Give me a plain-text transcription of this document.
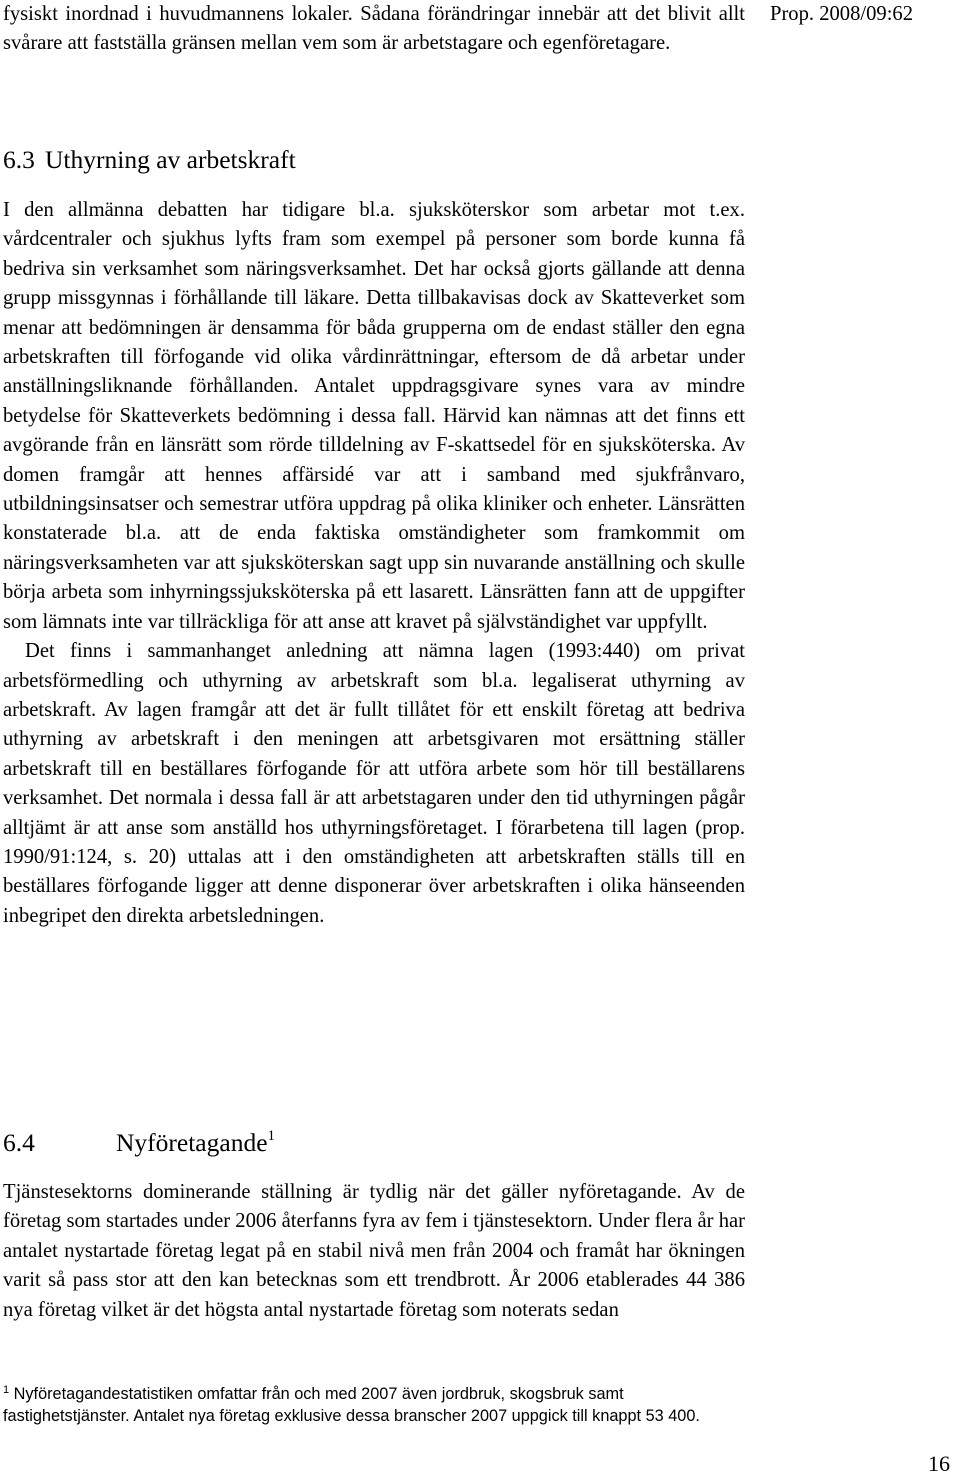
Prop. 2008/09:62

fysiskt inordnad i huvudmannens lokaler. Sådana förändringar innebär att det blivit allt svårare att fastställa gränsen mellan vem som är arbetstagare och egenföretagare.

6.3 Uthyrning av arbetskraft

I den allmänna debatten har tidigare bl.a. sjuksköterskor som arbetar mot t.ex. vårdcentraler och sjukhus lyfts fram som exempel på personer som borde kunna få bedriva sin verksamhet som näringsverksamhet. Det har också gjorts gällande att denna grupp missgynnas i förhållande till läkare. Detta tillbakavisas dock av Skatteverket som menar att bedömningen är densamma för båda grupperna om de endast ställer den egna arbetskraften till förfogande vid olika vårdinrättningar, eftersom de då arbetar under anställningsliknande förhållanden. Antalet uppdragsgivare synes vara av mindre betydelse för Skatteverkets bedömning i dessa fall. Härvid kan nämnas att det finns ett avgörande från en länsrätt som rörde tilldelning av F-skattsedel för en sjuksköterska. Av domen framgår att hennes affärsidé var att i samband med sjukfrånvaro, utbildningsinsatser och semestrar utföra uppdrag på olika kliniker och enheter. Länsrätten konstaterade bl.a. att de enda faktiska omständigheter som framkommit om näringsverksamheten var att sjuksköterskan sagt upp sin nuvarande anställning och skulle börja arbeta som inhyrningssjuksköterska på ett lasarett. Länsrätten fann att de uppgifter som lämnats inte var tillräckliga för att anse att kravet på självständighet var uppfyllt.

Det finns i sammanhanget anledning att nämna lagen (1993:440) om privat arbetsförmedling och uthyrning av arbetskraft som bl.a. legaliserat uthyrning av arbetskraft. Av lagen framgår att det är fullt tillåtet för ett enskilt företag att bedriva uthyrning av arbetskraft i den meningen att arbetsgivaren mot ersättning ställer arbetskraft till en beställares förfogande för att utföra arbete som hör till beställarens verksamhet. Det normala i dessa fall är att arbetstagaren under den tid uthyrningen pågår alltjämt är att anse som anställd hos uthyrningsföretaget. I förarbetena till lagen (prop. 1990/91:124, s. 20) uttalas att i den omständigheten att arbetskraften ställs till en beställares förfogande ligger att denne disponerar över arbetskraften i olika hänseenden inbegripet den direkta arbetsledningen.

6.4	Nyföretagande$^1$

Tjänstesektorns dominerande ställning är tydlig när det gäller nyföretagande. Av de företag som startades under 2006 återfanns fyra av fem i tjänstesektorn. Under flera år har antalet nystartade företag legat på en stabil nivå men från 2004 och framåt har ökningen varit så pass stor att den kan betecknas som ett trendbrott. År 2006 etablerades 44 386 nya företag vilket är det högsta antal nystartade företag som noterats sedan

$^1$ Nyföretagandestatistiken omfattar från och med 2007 även jordbruk, skogsbruk samt fastighetstjänster. Antalet nya företag exklusive dessa branscher 2007 uppgick till knappt 53 400.
16
